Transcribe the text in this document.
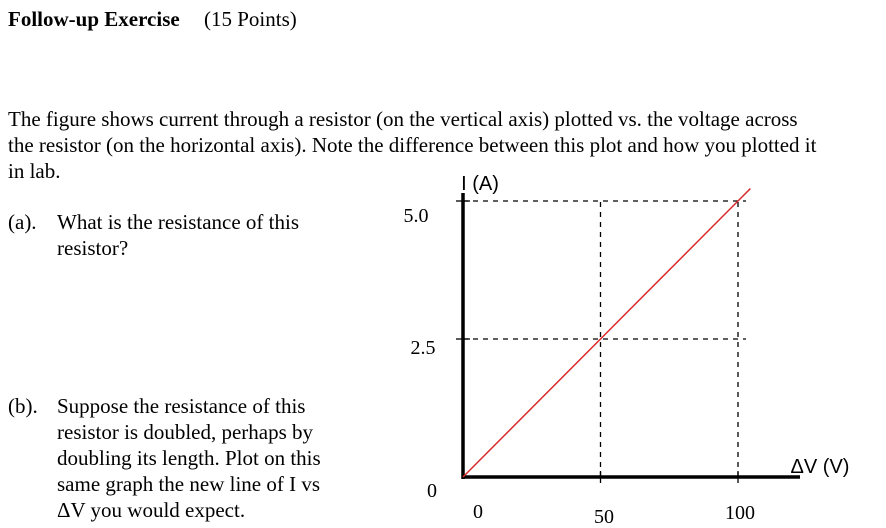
Follow-up Exercise (15 Points)
The figure shows current through a resistor (on the vertical axis) plotted vs. the voltage across
the resistor (on the horizontal axis). Note the difference between this plot and how you plotted it
in lab.
(a). What is the resistance of this
resistor?
(b). Suppose the resistance of this
resistor is doubled, perhaps by
doubling its length. Plot on this
same graph the new line of I vs
ΔV you would expect.	0	50	100
0
2.5
5.0
I (A)
ΔV (V)
